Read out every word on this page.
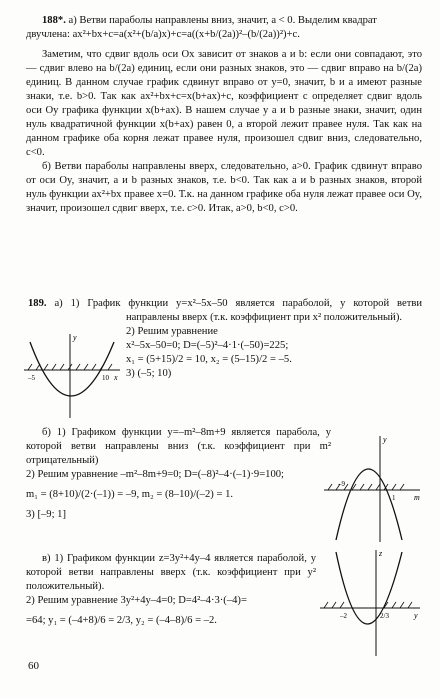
188*. а) Ветви параболы направлены вниз, значит, a < 0. Выделим квадрат

двучлена: ax²+bx+c=a(x²+(b/a)x)+c=a((x+b/(2a))²–(b/(2a))²)+c.

Заметим, что сдвиг вдоль оси Ox зависит от знаков a и b: если они совпадают, это — сдвиг влево на b/(2a) единиц, если они разных знаков, это — сдвиг вправо на b/(2a) единиц. В данном случае график сдвинут вправо от y=0, значит, b и a имеют разные знаки, т.е. b>0. Так как ax²+bx+c=x(b+ax)+c, коэффициент c определяет сдвиг вдоль оси Oy графика функции x(b+ax). В нашем случае y a и b разные знаки, значит, один нуль квадратичной функции x(b+ax) равен 0, а второй лежит правее нуля. Так как на данном графике оба корня лежат правее нуля, произошел сдвиг вниз, следовательно, c<0.

б) Ветви параболы направлены вверх, следовательно, a>0. График сдвинут вправо от оси Oy, значит, a и b разных знаков, т.е. b<0. Так как a и b разных знаков, второй нуль функции ax²+bx правее x=0. Т.к. на данном графике оба нуля лежат правее оси Oy, значит, произошел сдвиг вверх, т.е. c>0. Итак, a>0, b<0, c>0.

189. а) 1) График функции y=x²–5x–50 является параболой, у которой ветви направлены вверх (т.к. коэффициент при x² положительный).

2) Решим уравнение

x²–5x–50=0; D=(–5)²–4·1·(–50)=225;

x₁ = (5+15)/2 = 10, x₂ = (5–15)/2 = –5.

3) (–5; 10)

б) 1) Графиком функции y=–m²–8m+9 является парабола, у которой ветви направлены вниз (т.к. коэффициент при m² отрицательный)

2) Решим уравнение –m²–8m+9=0; D=(–8)²–4·(–1)·9=100;

m₁ = (8+10)/(2·(–1)) = –9, m₂ = (8–10)/(–2) = 1.

3) [–9; 1]

в) 1) Графиком функции z=3y²+4y–4 является параболой, у которой ветви направлены вверх (т.к. коэффициент при y² положительный).

2) Решим уравнение 3y²+4y–4=0; D=4²–4·3·(–4)=

=64; y₁ = (–4+8)/6 = 2/3, y₂ = (–4–8)/6 = –2.

y
x
–5	10
y
m
–9
1
z
y
–2	2/3
60
